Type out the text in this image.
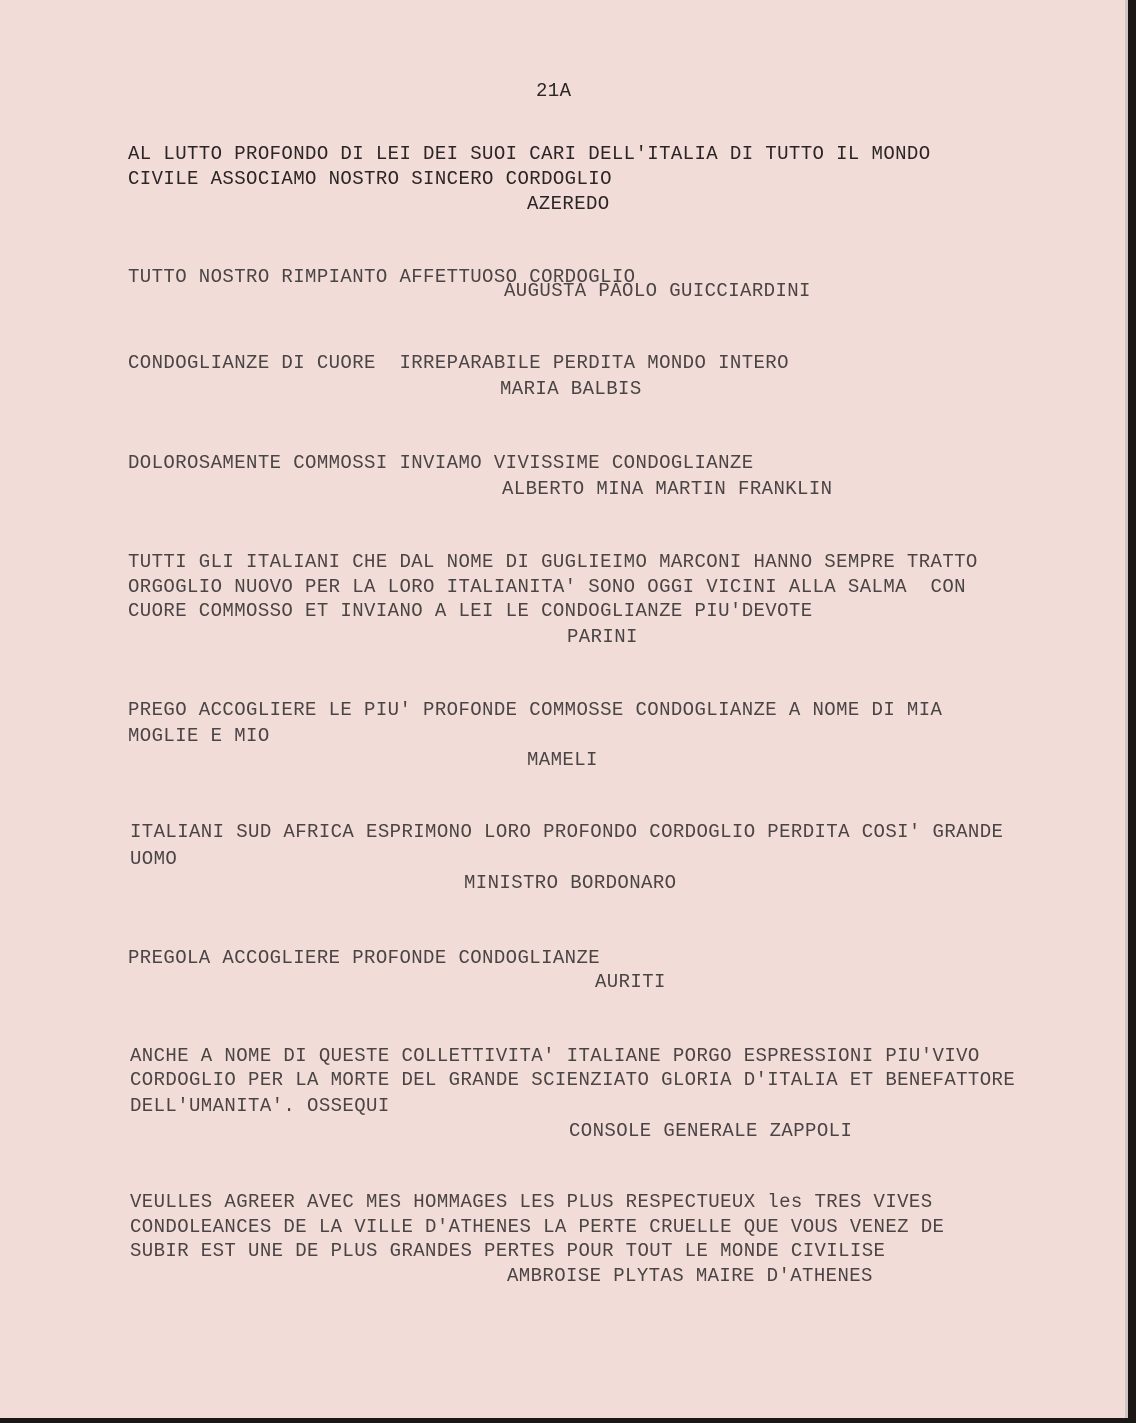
21A
AL LUTTO PROFONDO DI LEI DEI SUOI CARI DELL'ITALIA DI TUTTO IL MONDO
CIVILE ASSOCIAMO NOSTRO SINCERO CORDOGLIO
AZEREDO
TUTTO NOSTRO RIMPIANTO AFFETTUOSO CORDOGLIO
AUGUSTA PAOLO GUICCIARDINI
CONDOGLIANZE DI CUORE  IRREPARABILE PERDITA MONDO INTERO
MARIA BALBIS
DOLOROSAMENTE COMMOSSI INVIAMO VIVISSIME CONDOGLIANZE
ALBERTO MINA MARTIN FRANKLIN
TUTTI GLI ITALIANI CHE DAL NOME DI GUGLIEIMO MARCONI HANNO SEMPRE TRATTO
ORGOGLIO NUOVO PER LA LORO ITALIANITA' SONO OGGI VICINI ALLA SALMA  CON
CUORE COMMOSSO ET INVIANO A LEI LE CONDOGLIANZE PIU'DEVOTE
PARINI
PREGO ACCOGLIERE LE PIU' PROFONDE COMMOSSE CONDOGLIANZE A NOME DI MIA
MOGLIE E MIO
MAMELI
ITALIANI SUD AFRICA ESPRIMONO LORO PROFONDO CORDOGLIO PERDITA COSI' GRANDE
UOMO
MINISTRO BORDONARO
PREGOLA ACCOGLIERE PROFONDE CONDOGLIANZE
AURITI
ANCHE A NOME DI QUESTE COLLETTIVITA' ITALIANE PORGO ESPRESSIONI PIU'VIVO
CORDOGLIO PER LA MORTE DEL GRANDE SCIENZIATO GLORIA D'ITALIA ET BENEFATTORE
DELL'UMANITA'. OSSEQUI
CONSOLE GENERALE ZAPPOLI
VEULLES AGREER AVEC MES HOMMAGES LES PLUS RESPECTUEUX les TRES VIVES
CONDOLEANCES DE LA VILLE D'ATHENES LA PERTE CRUELLE QUE VOUS VENEZ DE
SUBIR EST UNE DE PLUS GRANDES PERTES POUR TOUT LE MONDE CIVILISE
AMBROISE PLYTAS MAIRE D'ATHENES
